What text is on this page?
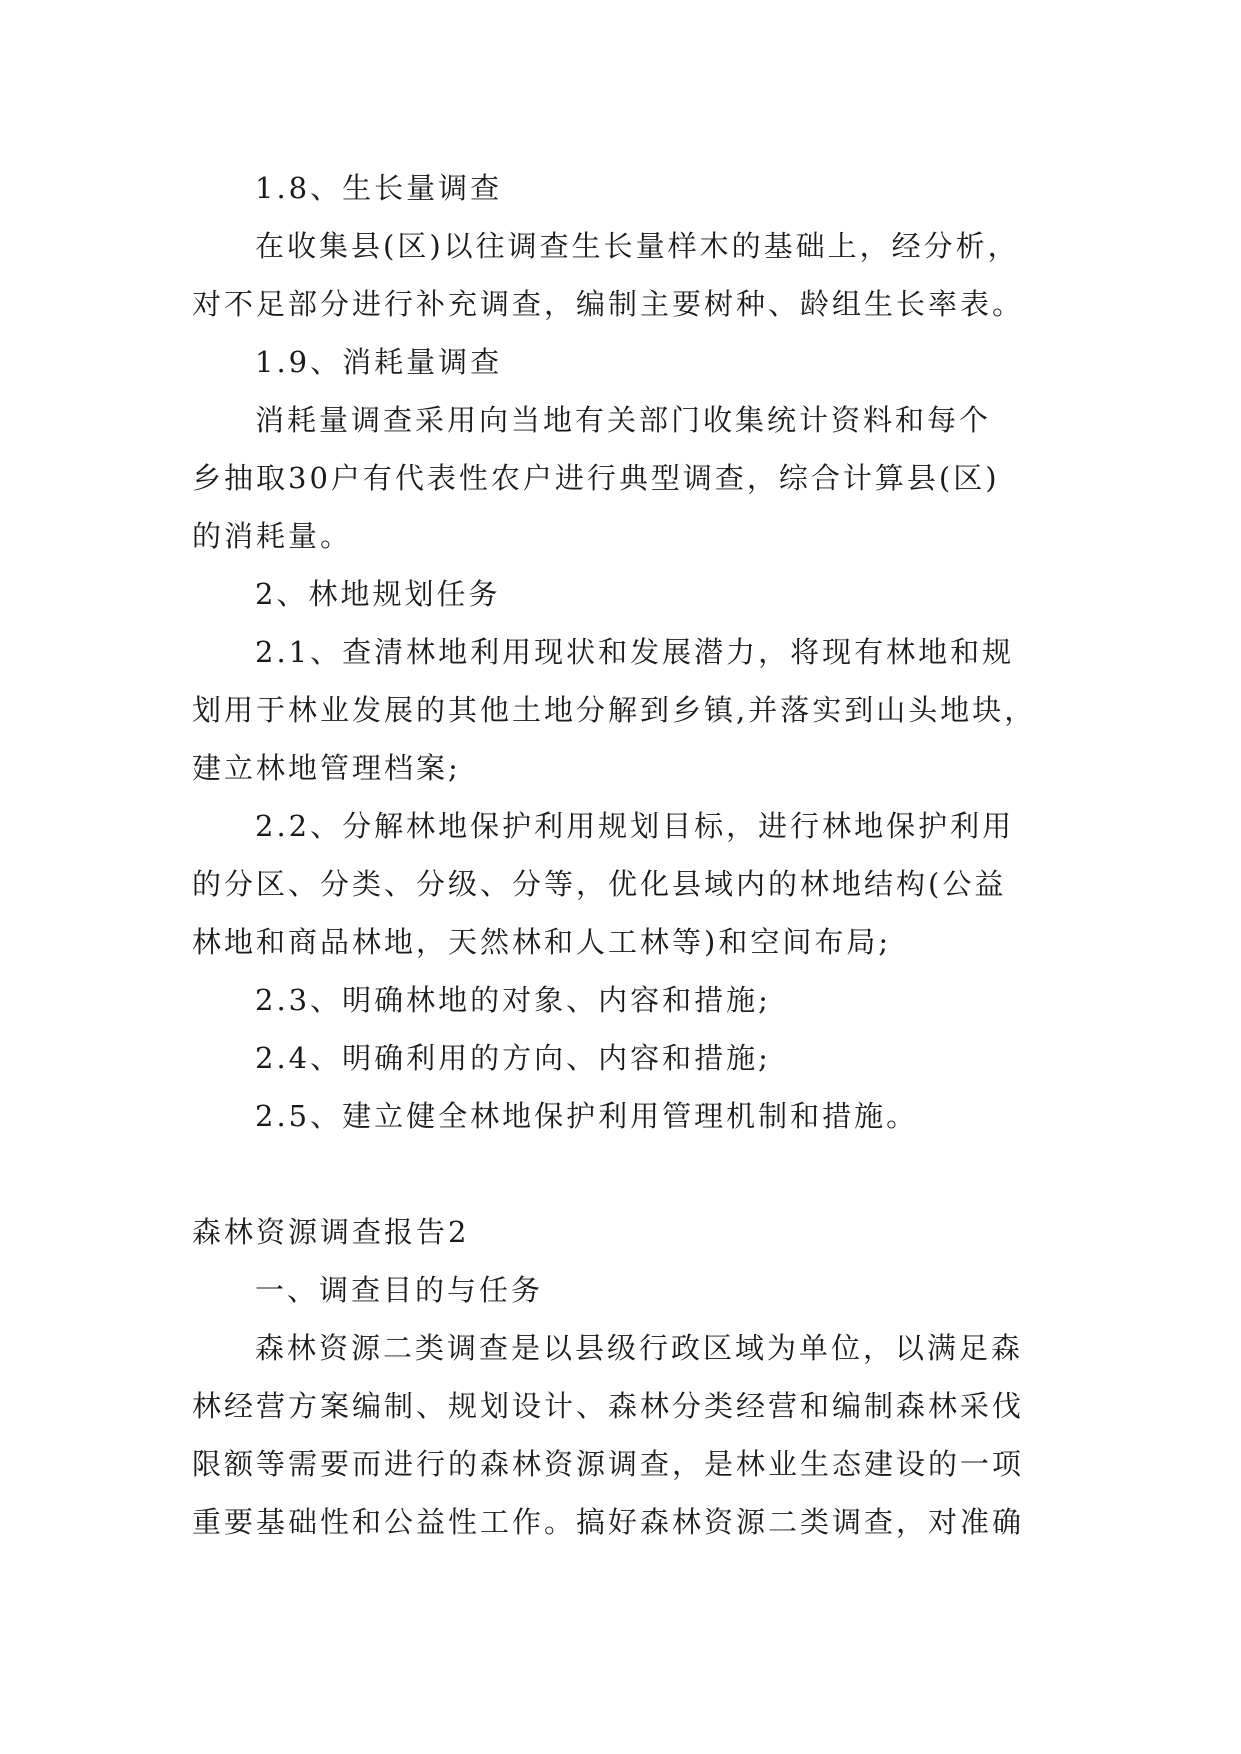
1.8、生长量调查
在收集县(区)以往调查生长量样木的基础上，经分析，
对不足部分进行补充调查，编制主要树种、龄组生长率表。
1.9、消耗量调查
消耗量调查采用向当地有关部门收集统计资料和每个
乡抽取30户有代表性农户进行典型调查，综合计算县(区)
的消耗量。
2、林地规划任务
2.1、查清林地利用现状和发展潜力，将现有林地和规
划用于林业发展的其他土地分解到乡镇,并落实到山头地块，
建立林地管理档案;
2.2、分解林地保护利用规划目标，进行林地保护利用
的分区、分类、分级、分等，优化县域内的林地结构(公益
林地和商品林地，天然林和人工林等)和空间布局;
2.3、明确林地的对象、内容和措施;
2.4、明确利用的方向、内容和措施;
2.5、建立健全林地保护利用管理机制和措施。
森林资源调查报告2
一、调查目的与任务
森林资源二类调查是以县级行政区域为单位，以满足森
林经营方案编制、规划设计、森林分类经营和编制森林采伐
限额等需要而进行的森林资源调查，是林业生态建设的一项
重要基础性和公益性工作。搞好森林资源二类调查，对准确
